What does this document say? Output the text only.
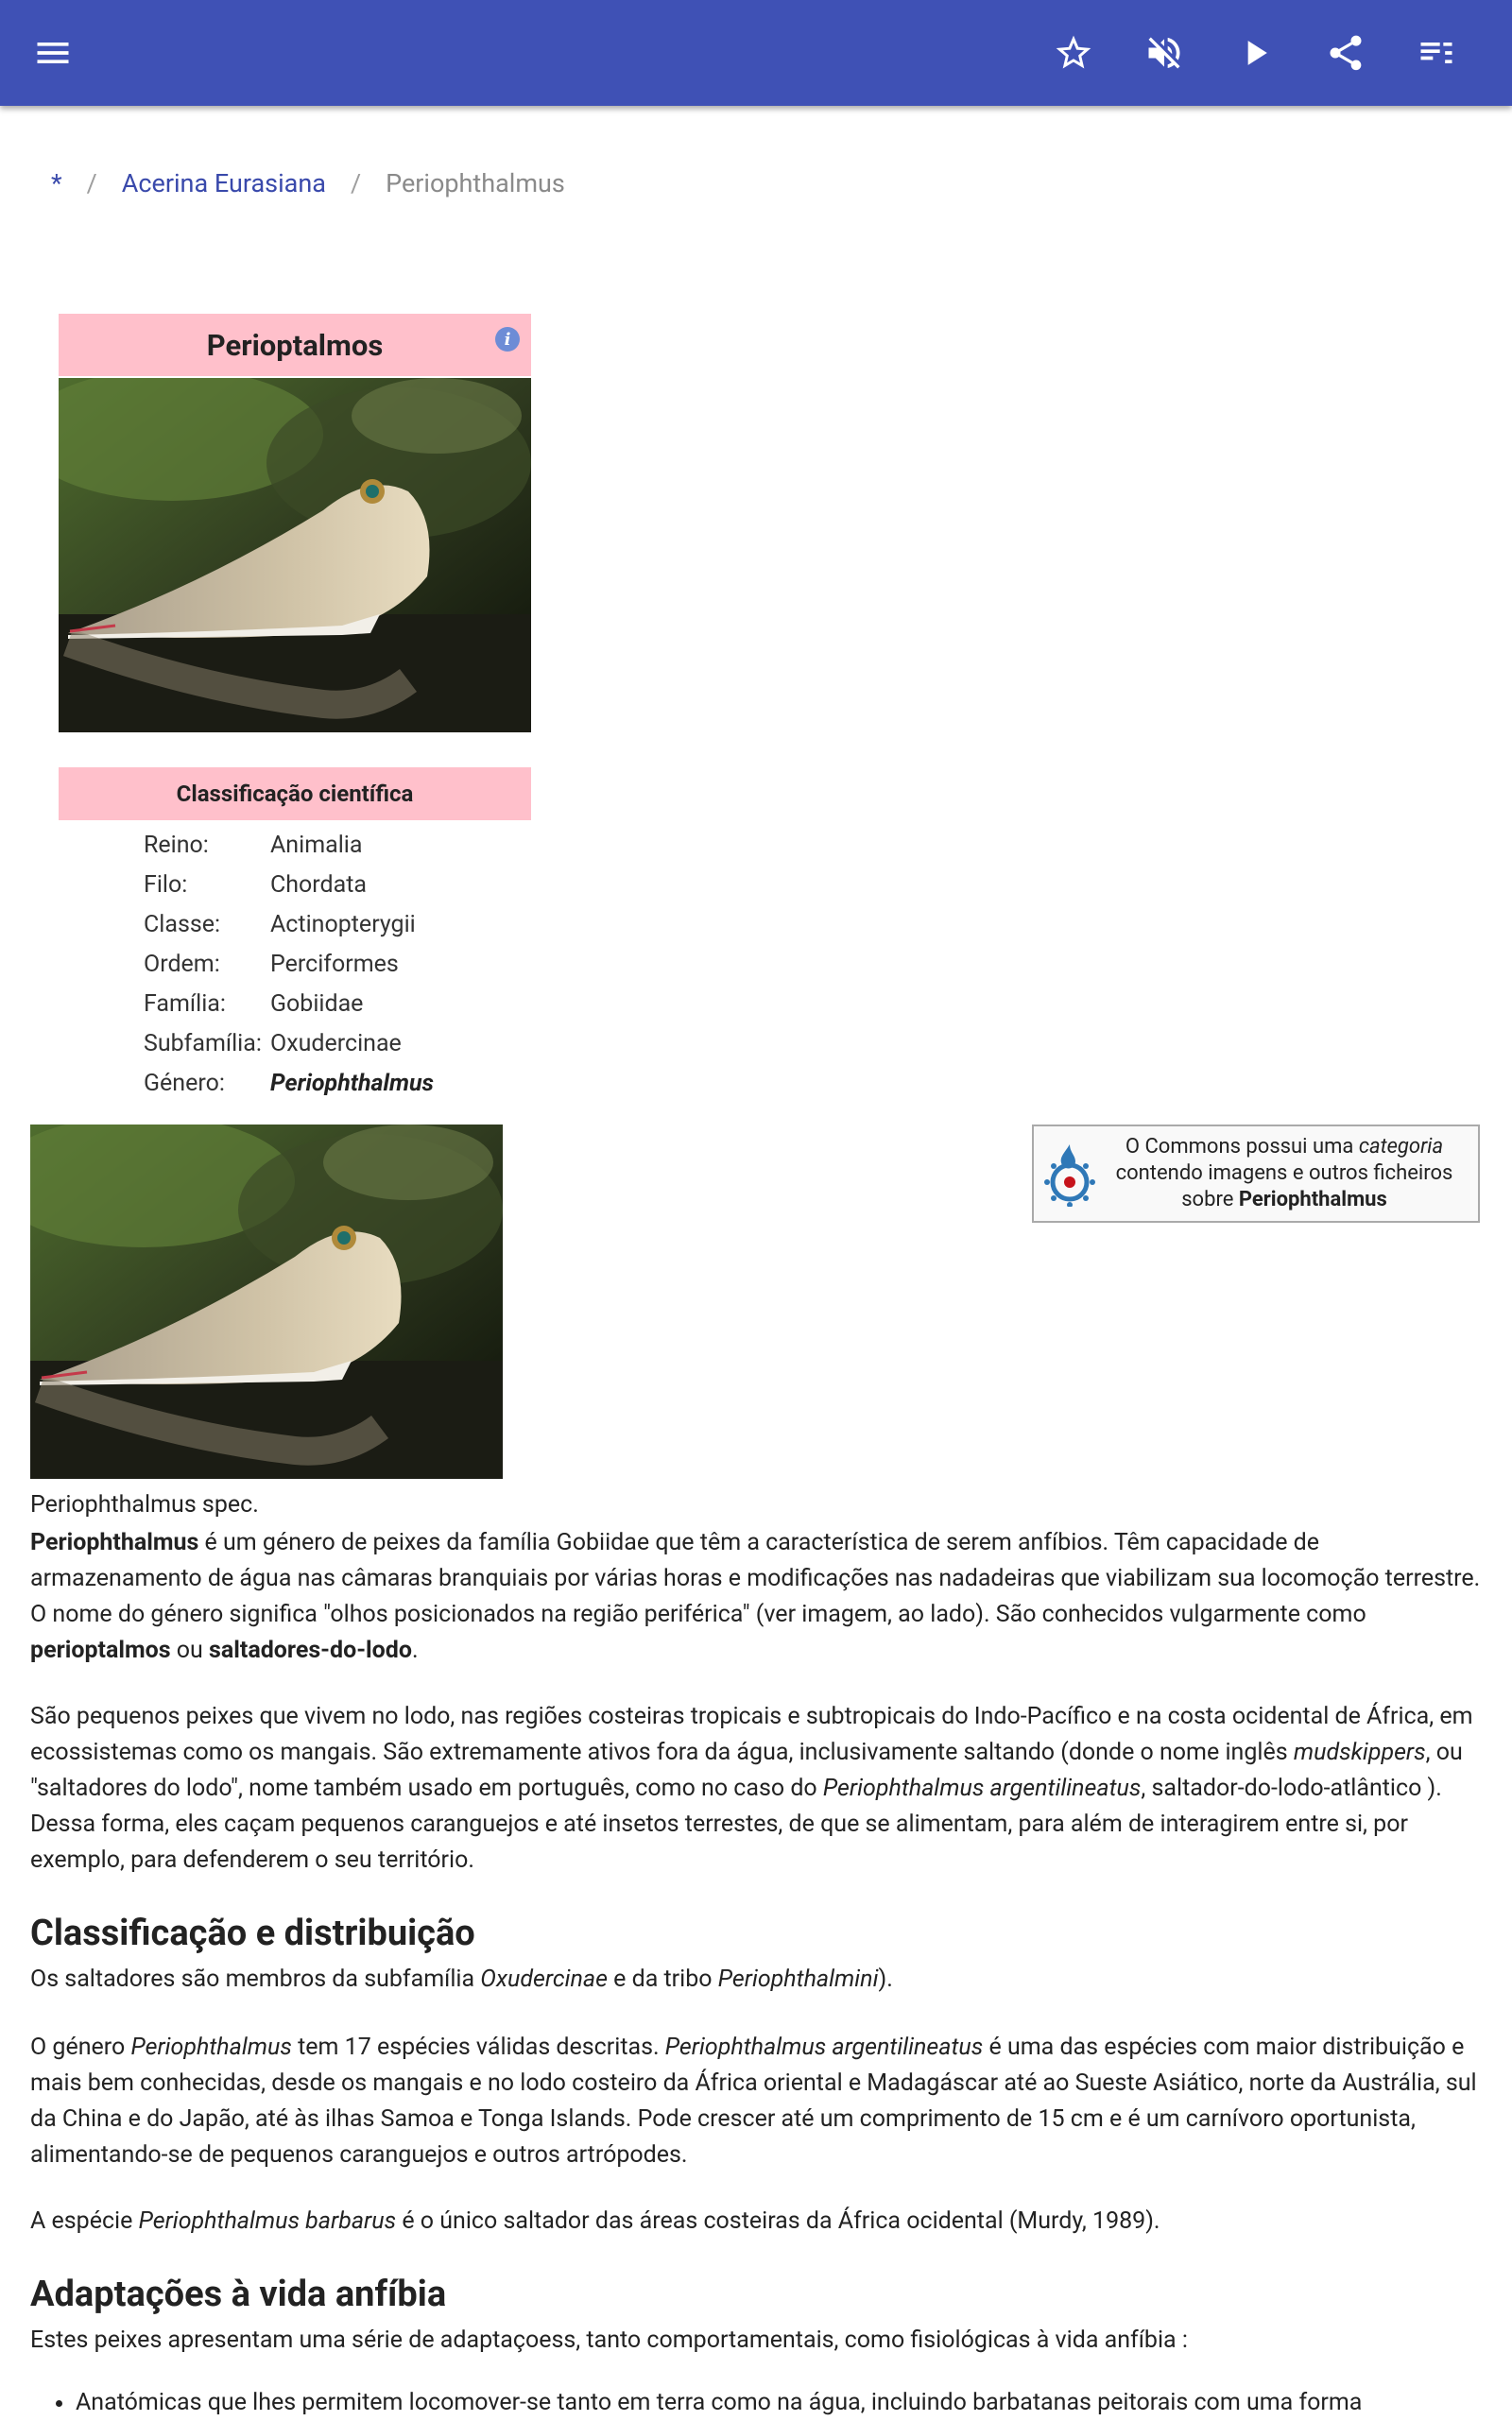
* / Acerina Eurasiana / Periophthalmus
Perioptalmos	i
Classificação científica
Reino:	Animalia
Filo:	Chordata
Classe:	Actinopterygii
Ordem:	Perciformes
Família:	Gobiidae
Subfamília: Oxudercinae
Género:	Periophthalmus
O Commons possui uma categoria contendo imagens e outros ficheiros sobre Periophthalmus
Periophthalmus spec.

Periophthalmus é um género de peixes da família Gobiidae que têm a característica de serem anfíbios. Têm capacidade de armazenamento de água nas câmaras branquiais por várias horas e modificações nas nadadeiras que viabilizam sua locomoção terrestre. O nome do género significa "olhos posicionados na região periférica" (ver imagem, ao lado). São conhecidos vulgarmente como perioptalmos ou saltadores-do-lodo.

São pequenos peixes que vivem no lodo, nas regiões costeiras tropicais e subtropicais do Indo-Pacífico e na costa ocidental de África, em ecossistemas como os mangais. São extremamente ativos fora da água, inclusivamente saltando (donde o nome inglês mudskippers, ou "saltadores do lodo", nome também usado em português, como no caso do Periophthalmus argentilineatus, saltador-do-lodo-atlântico ). Dessa forma, eles caçam pequenos caranguejos e até insetos terrestes, de que se alimentam, para além de interagirem entre si, por exemplo, para defenderem o seu território.

Classificação e distribuição

Os saltadores são membros da subfamília Oxudercinae e da tribo Periophthalmini).

O género Periophthalmus tem 17 espécies válidas descritas. Periophthalmus argentilineatus é uma das espécies com maior distribuição e mais bem conhecidas, desde os mangais e no lodo costeiro da África oriental e Madagáscar até ao Sueste Asiático, norte da Austrália, sul da China e do Japão, até às ilhas Samoa e Tonga Islands. Pode crescer até um comprimento de 15 cm e é um carnívoro oportunista, alimentando-se de pequenos caranguejos e outros artrópodes.

A espécie Periophthalmus barbarus é o único saltador das áreas costeiras da África ocidental (Murdy, 1989).

Adaptações à vida anfíbia

Estes peixes apresentam uma série de adaptaçoess, tanto comportamentais, como fisiológicas à vida anfíbia :

• Anatómicas que lhes permitem locomover-se tanto em terra como na água, incluindo barbatanas peitorais com uma forma
